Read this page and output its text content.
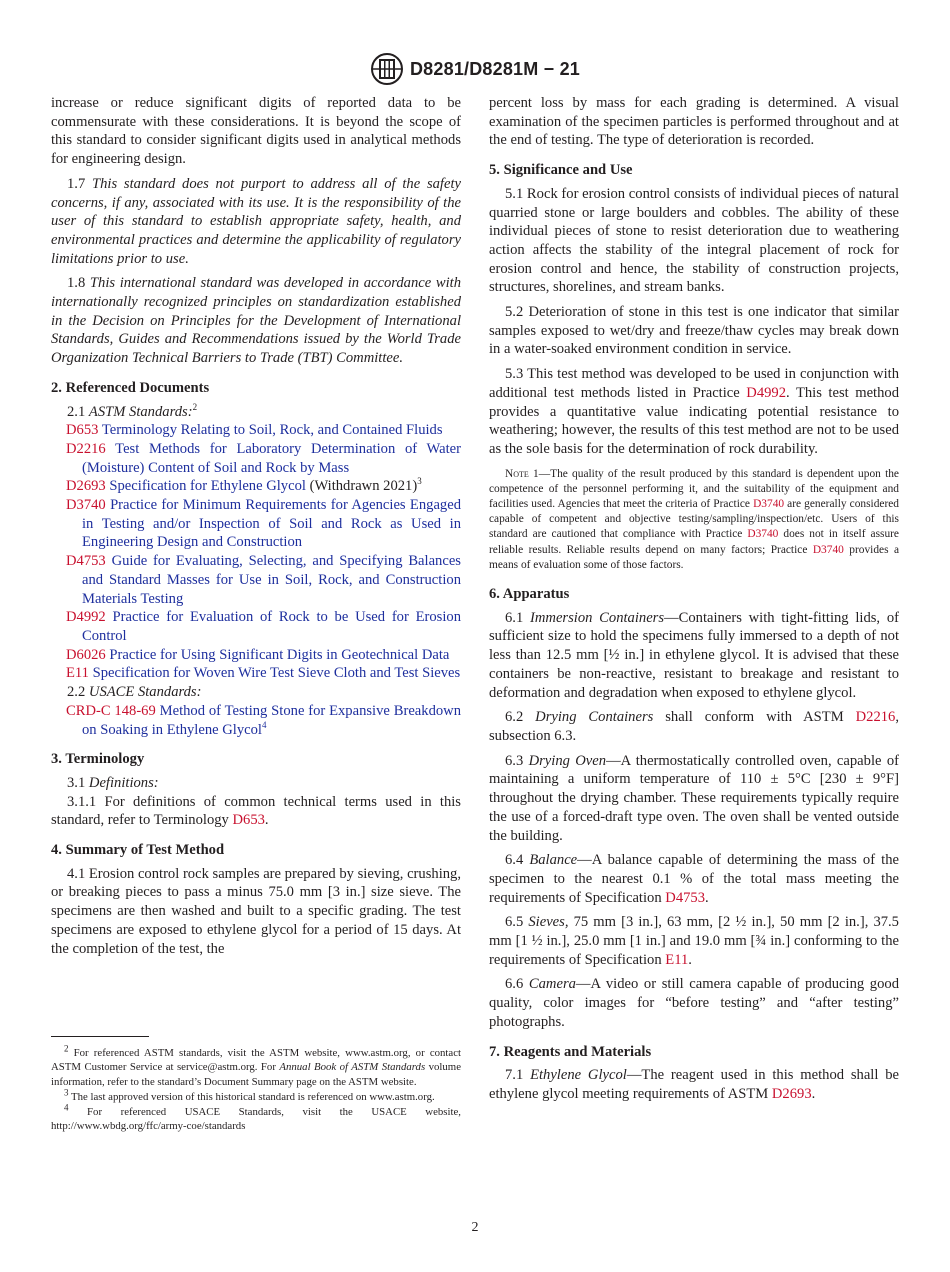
D8281/D8281M − 21

increase or reduce significant digits of reported data to be commensurate with these considerations. It is beyond the scope of this standard to consider significant digits used in analytical methods for engineering design.

1.7 This standard does not purport to address all of the safety concerns, if any, associated with its use. It is the responsibility of the user of this standard to establish appropriate safety, health, and environmental practices and determine the applicability of regulatory limitations prior to use.

1.8 This international standard was developed in accordance with internationally recognized principles on standardization established in the Decision on Principles for the Development of International Standards, Guides and Recommendations issued by the World Trade Organization Technical Barriers to Trade (TBT) Committee.

2. Referenced Documents

2.1 ASTM Standards:$^2$

D653 Terminology Relating to Soil, Rock, and Contained Fluids

D2216 Test Methods for Laboratory Determination of Water (Moisture) Content of Soil and Rock by Mass

D2693 Specification for Ethylene Glycol (Withdrawn 2021)$^3$

D3740 Practice for Minimum Requirements for Agencies Engaged in Testing and/or Inspection of Soil and Rock as Used in Engineering Design and Construction

D4753 Guide for Evaluating, Selecting, and Specifying Balances and Standard Masses for Use in Soil, Rock, and Construction Materials Testing

D4992 Practice for Evaluation of Rock to be Used for Erosion Control

D6026 Practice for Using Significant Digits in Geotechnical Data

E11 Specification for Woven Wire Test Sieve Cloth and Test Sieves

2.2 USACE Standards:

CRD-C 148-69 Method of Testing Stone for Expansive Breakdown on Soaking in Ethylene Glycol$^4$

3. Terminology

3.1 Definitions:

3.1.1 For definitions of common technical terms used in this standard, refer to Terminology D653.

4. Summary of Test Method

4.1 Erosion control rock samples are prepared by sieving, crushing, or breaking pieces to pass a minus 75.0 mm [3 in.] size sieve. The specimens are then washed and built to a specific grading. The test specimens are exposed to ethylene glycol for a period of 15 days. At the completion of the test, the

$^2$ For referenced ASTM standards, visit the ASTM website, www.astm.org, or contact ASTM Customer Service at service@astm.org. For Annual Book of ASTM Standards volume information, refer to the standard’s Document Summary page on the ASTM website.

$^3$ The last approved version of this historical standard is referenced on www.astm.org.

$^4$ For referenced USACE Standards, visit the USACE website, http://www.wbdg.org/ffc/army-coe/standards

percent loss by mass for each grading is determined. A visual examination of the specimen particles is performed throughout and at the end of testing. The type of deterioration is recorded.

5. Significance and Use

5.1 Rock for erosion control consists of individual pieces of natural quarried stone or large boulders and cobbles. The ability of these individual pieces of stone to resist deterioration due to weathering action affects the stability of the integral placement of rock for erosion control and hence, the stability of construction projects, structures, shorelines, and stream banks.

5.2 Deterioration of stone in this test is one indicator that similar samples exposed to wet/dry and freeze/thaw cycles may break down in a water-soaked environment condition in service.

5.3 This test method was developed to be used in conjunction with additional test methods listed in Practice D4992. This test method provides a quantitative value indicating potential resistance to weathering; however, the results of this test method are not to be used as the sole basis for the determination of rock durability.

Note 1—The quality of the result produced by this standard is dependent upon the competence of the personnel performing it, and the suitability of the equipment and facilities used. Agencies that meet the criteria of Practice D3740 are generally considered capable of competent and objective testing/sampling/inspection/etc. Users of this standard are cautioned that compliance with Practice D3740 does not in itself assure reliable results. Reliable results depend on many factors; Practice D3740 provides a means of evaluation some of those factors.
6. Apparatus

6.1 Immersion Containers—Containers with tight-fitting lids, of sufficient size to hold the specimens fully immersed to a depth of not less than 12.5 mm [½ in.] in ethylene glycol. It is advised that these containers be non-reactive, resistant to breakage and resistant to deformation and degradation when exposed to ethylene glycol.

6.2 Drying Containers shall conform with ASTM D2216, subsection 6.3.

6.3 Drying Oven—A thermostatically controlled oven, capable of maintaining a uniform temperature of 110 ± 5°C [230 ± 9°F] throughout the drying chamber. These requirements typically require the use of a forced-draft type oven. The oven shall be vented outside the building.

6.4 Balance—A balance capable of determining the mass of the specimen to the nearest 0.1 % of the total mass meeting the requirements of Specification D4753.

6.5 Sieves, 75 mm [3 in.], 63 mm, [2 ½ in.], 50 mm [2 in.], 37.5 mm [1 ½ in.], 25.0 mm [1 in.] and 19.0 mm [¾ in.] conforming to the requirements of Specification E11.

6.6 Camera—A video or still camera capable of producing good quality, color images for “before testing” and “after testing” photographs.

7. Reagents and Materials

7.1 Ethylene Glycol—The reagent used in this method shall be ethylene glycol meeting requirements of ASTM D2693.

2
